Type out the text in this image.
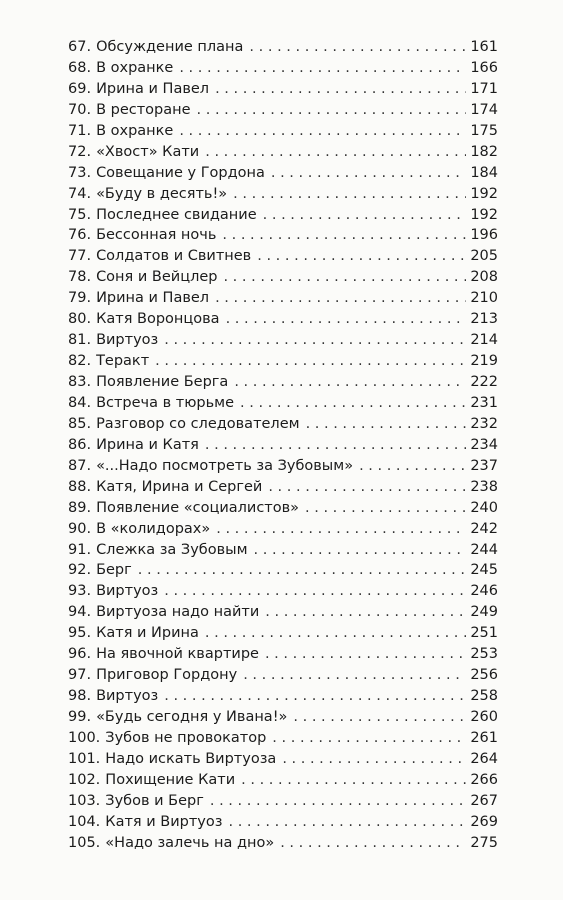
67. Обсуждение плана . . .	161
68. В охранке . . .	166
69. Ирина и Павел . . .	171
70. В ресторане . . .	174
71. В охранке . . .	175
72. «Хвост» Кати . . .	182
73. Совещание у Гордона . . .	184
74. «Буду в десять!» . . .	192
75. Последнее свидание . . .	192
76. Бессонная ночь . . .	196
77. Солдатов и Свитнев . . .	205
78. Соня и Вейцлер . . .	208
79. Ирина и Павел . . .	210
80. Катя Воронцова . . .	213
81. Виртуоз . . .	214
82. Теракт . . .	219
83. Появление Берга . . .	222
84. Встреча в тюрьме . . .	231
85. Разговор со следователем . . .	232
86. Ирина и Катя . . .	234
87. «...Надо посмотреть за Зубовым» . . .	237
88. Катя, Ирина и Сергей . . .	238
89. Появление «социалистов» . . .	240
90. В «колидорах» . . .	242
91. Слежка за Зубовым . . .	244
92. Берг . . .	245
93. Виртуоз . . .	246
94. Виртуоза надо найти . . .	249
95. Катя и Ирина . . .	251
96. На явочной квартире . . .	253
97. Приговор Гордону . . .	256
98. Виртуоз . . .	258
99. «Будь сегодня у Ивана!» . . .	260
100. Зубов не провокатор . . .	261
101. Надо искать Виртуоза . . .	264
102. Похищение Кати . . .	266
103. Зубов и Берг . . .	267
104. Катя и Виртуоз . . .	269
105. «Надо залечь на дно» . . .	275
